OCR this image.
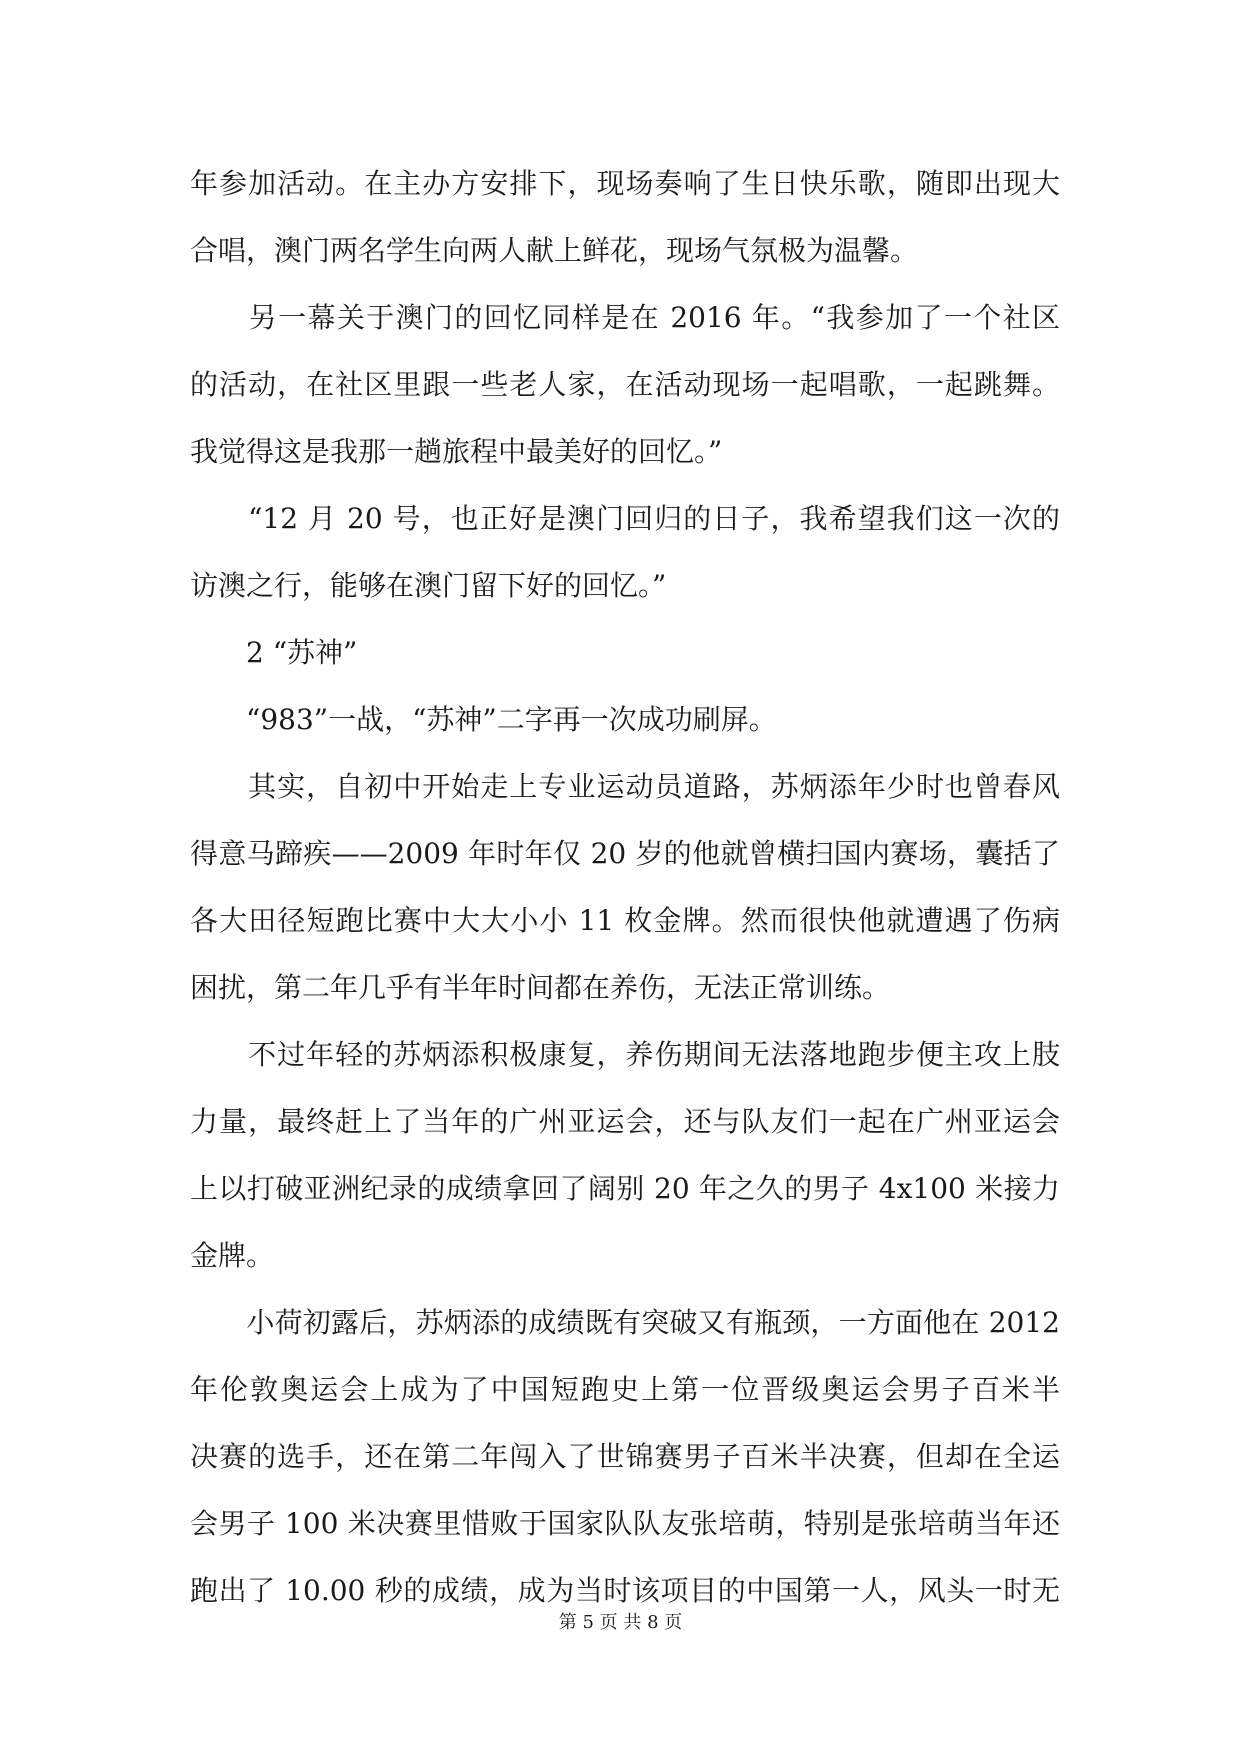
年参加活动。在主办方安排下，现场奏响了生日快乐歌，随即出现大
合唱，澳门两名学生向两人献上鲜花，现场气氛极为温馨。
　　另一幕关于澳门的回忆同样是在 2016 年。“我参加了一个社区
的活动，在社区里跟一些老人家，在活动现场一起唱歌，一起跳舞。
我觉得这是我那一趟旅程中最美好的回忆。”
　　“12 月 20 号，也正好是澳门回归的日子，我希望我们这一次的
访澳之行，能够在澳门留下好的回忆。”
　　2 “苏神”
　　“983”一战，“苏神”二字再一次成功刷屏。
　　其实，自初中开始走上专业运动员道路，苏炳添年少时也曾春风
得意马蹄疾——2009 年时年仅 20 岁的他就曾横扫国内赛场，囊括了
各大田径短跑比赛中大大小小 11 枚金牌。然而很快他就遭遇了伤病
困扰，第二年几乎有半年时间都在养伤，无法正常训练。
　　不过年轻的苏炳添积极康复，养伤期间无法落地跑步便主攻上肢
力量，最终赶上了当年的广州亚运会，还与队友们一起在广州亚运会
上以打破亚洲纪录的成绩拿回了阔别 20 年之久的男子 4x100 米接力
金牌。
　　小荷初露后，苏炳添的成绩既有突破又有瓶颈，一方面他在 2012
年伦敦奥运会上成为了中国短跑史上第一位晋级奥运会男子百米半
决赛的选手，还在第二年闯入了世锦赛男子百米半决赛，但却在全运
会男子 100 米决赛里惜败于国家队队友张培萌，特别是张培萌当年还
跑出了 10.00 秒的成绩，成为当时该项目的中国第一人，风头一时无
第 5 页 共 8 页
